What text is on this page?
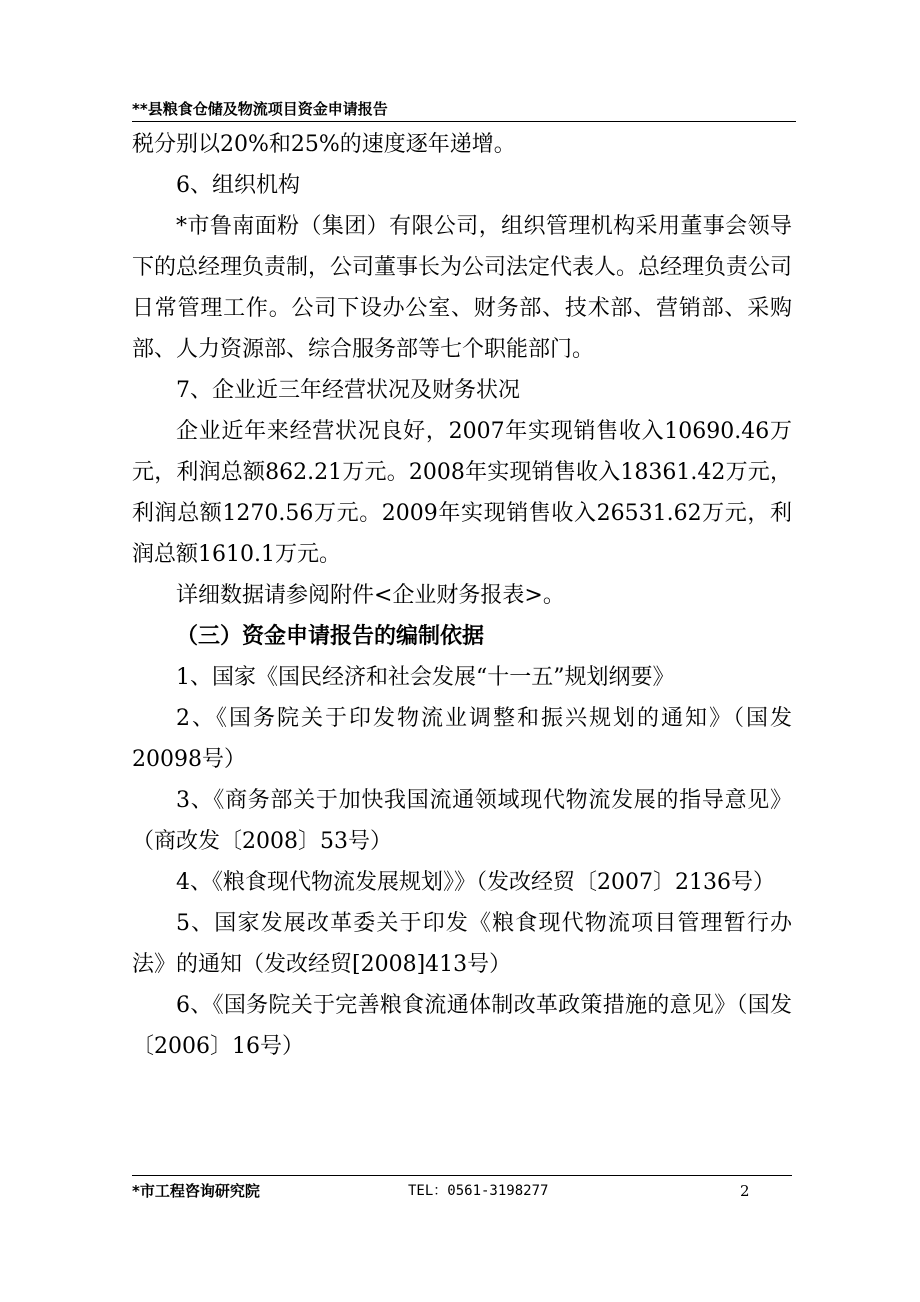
**县粮食仓储及物流项目资金申请报告

税分别以20%和25%的速度逐年递增。

6、组织机构

*市鲁南面粉（集团）有限公司，组织管理机构采用董事会领导下的总经理负责制，公司董事长为公司法定代表人。总经理负责公司日常管理工作。公司下设办公室、财务部、技术部、营销部、采购部、人力资源部、综合服务部等七个职能部门。

7、企业近三年经营状况及财务状况

企业近年来经营状况良好，2007年实现销售收入10690.46万元，利润总额862.21万元。2008年实现销售收入18361.42万元，利润总额1270.56万元。2009年实现销售收入26531.62万元，利润总额1610.1万元。

详细数据请参阅附件<企业财务报表>。

（三）资金申请报告的编制依据

1、国家《国民经济和社会发展“十一五”规划纲要》

2、《国务院关于印发物流业调整和振兴规划的通知》（国发20098号）

3、《商务部关于加快我国流通领域现代物流发展的指导意见》（商改发〔2008〕53号）

4、《粮食现代物流发展规划》》（发改经贸〔2007〕2136号）

5、国家发展改革委关于印发《粮食现代物流项目管理暂行办法》的通知（发改经贸[2008]413号）

6、《国务院关于完善粮食流通体制改革政策措施的意见》（国发〔2006〕16号）

*市工程咨询研究院	TEL：0561-3198277	2
